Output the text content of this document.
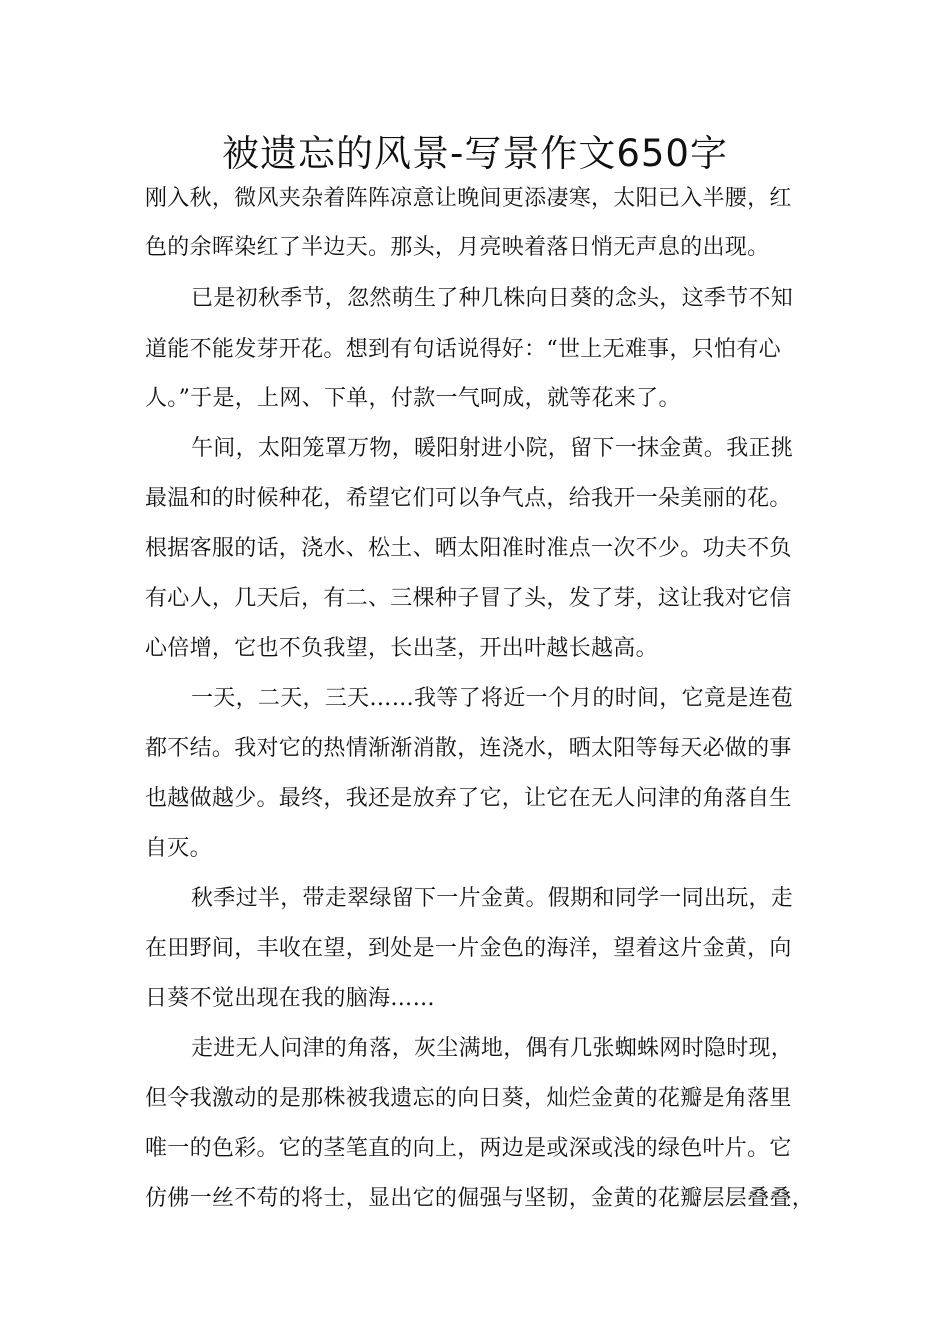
被遗忘的风景-写景作文650字
刚入秋，微风夹杂着阵阵凉意让晚间更添凄寒，太阳已入半腰，红
色的余晖染红了半边天。那头，月亮映着落日悄无声息的出现。
已是初秋季节，忽然萌生了种几株向日葵的念头，这季节不知
道能不能发芽开花。想到有句话说得好：“世上无难事，只怕有心
人。”于是，上网、下单，付款一气呵成，就等花来了。
午间，太阳笼罩万物，暖阳射进小院，留下一抹金黄。我正挑
最温和的时候种花，希望它们可以争气点，给我开一朵美丽的花。
根据客服的话，浇水、松土、晒太阳准时准点一次不少。功夫不负
有心人，几天后，有二、三棵种子冒了头，发了芽，这让我对它信
心倍增，它也不负我望，长出茎，开出叶越长越高。
一天，二天，三天……我等了将近一个月的时间，它竟是连苞
都不结。我对它的热情渐渐消散，连浇水，晒太阳等每天必做的事
也越做越少。最终，我还是放弃了它，让它在无人问津的角落自生
自灭。
秋季过半，带走翠绿留下一片金黄。假期和同学一同出玩，走
在田野间，丰收在望，到处是一片金色的海洋，望着这片金黄，向
日葵不觉出现在我的脑海……
走进无人问津的角落，灰尘满地，偶有几张蜘蛛网时隐时现，
但令我激动的是那株被我遗忘的向日葵，灿烂金黄的花瓣是角落里
唯一的色彩。它的茎笔直的向上，两边是或深或浅的绿色叶片。它
仿佛一丝不苟的将士，显出它的倔强与坚韧，金黄的花瓣层层叠叠，
